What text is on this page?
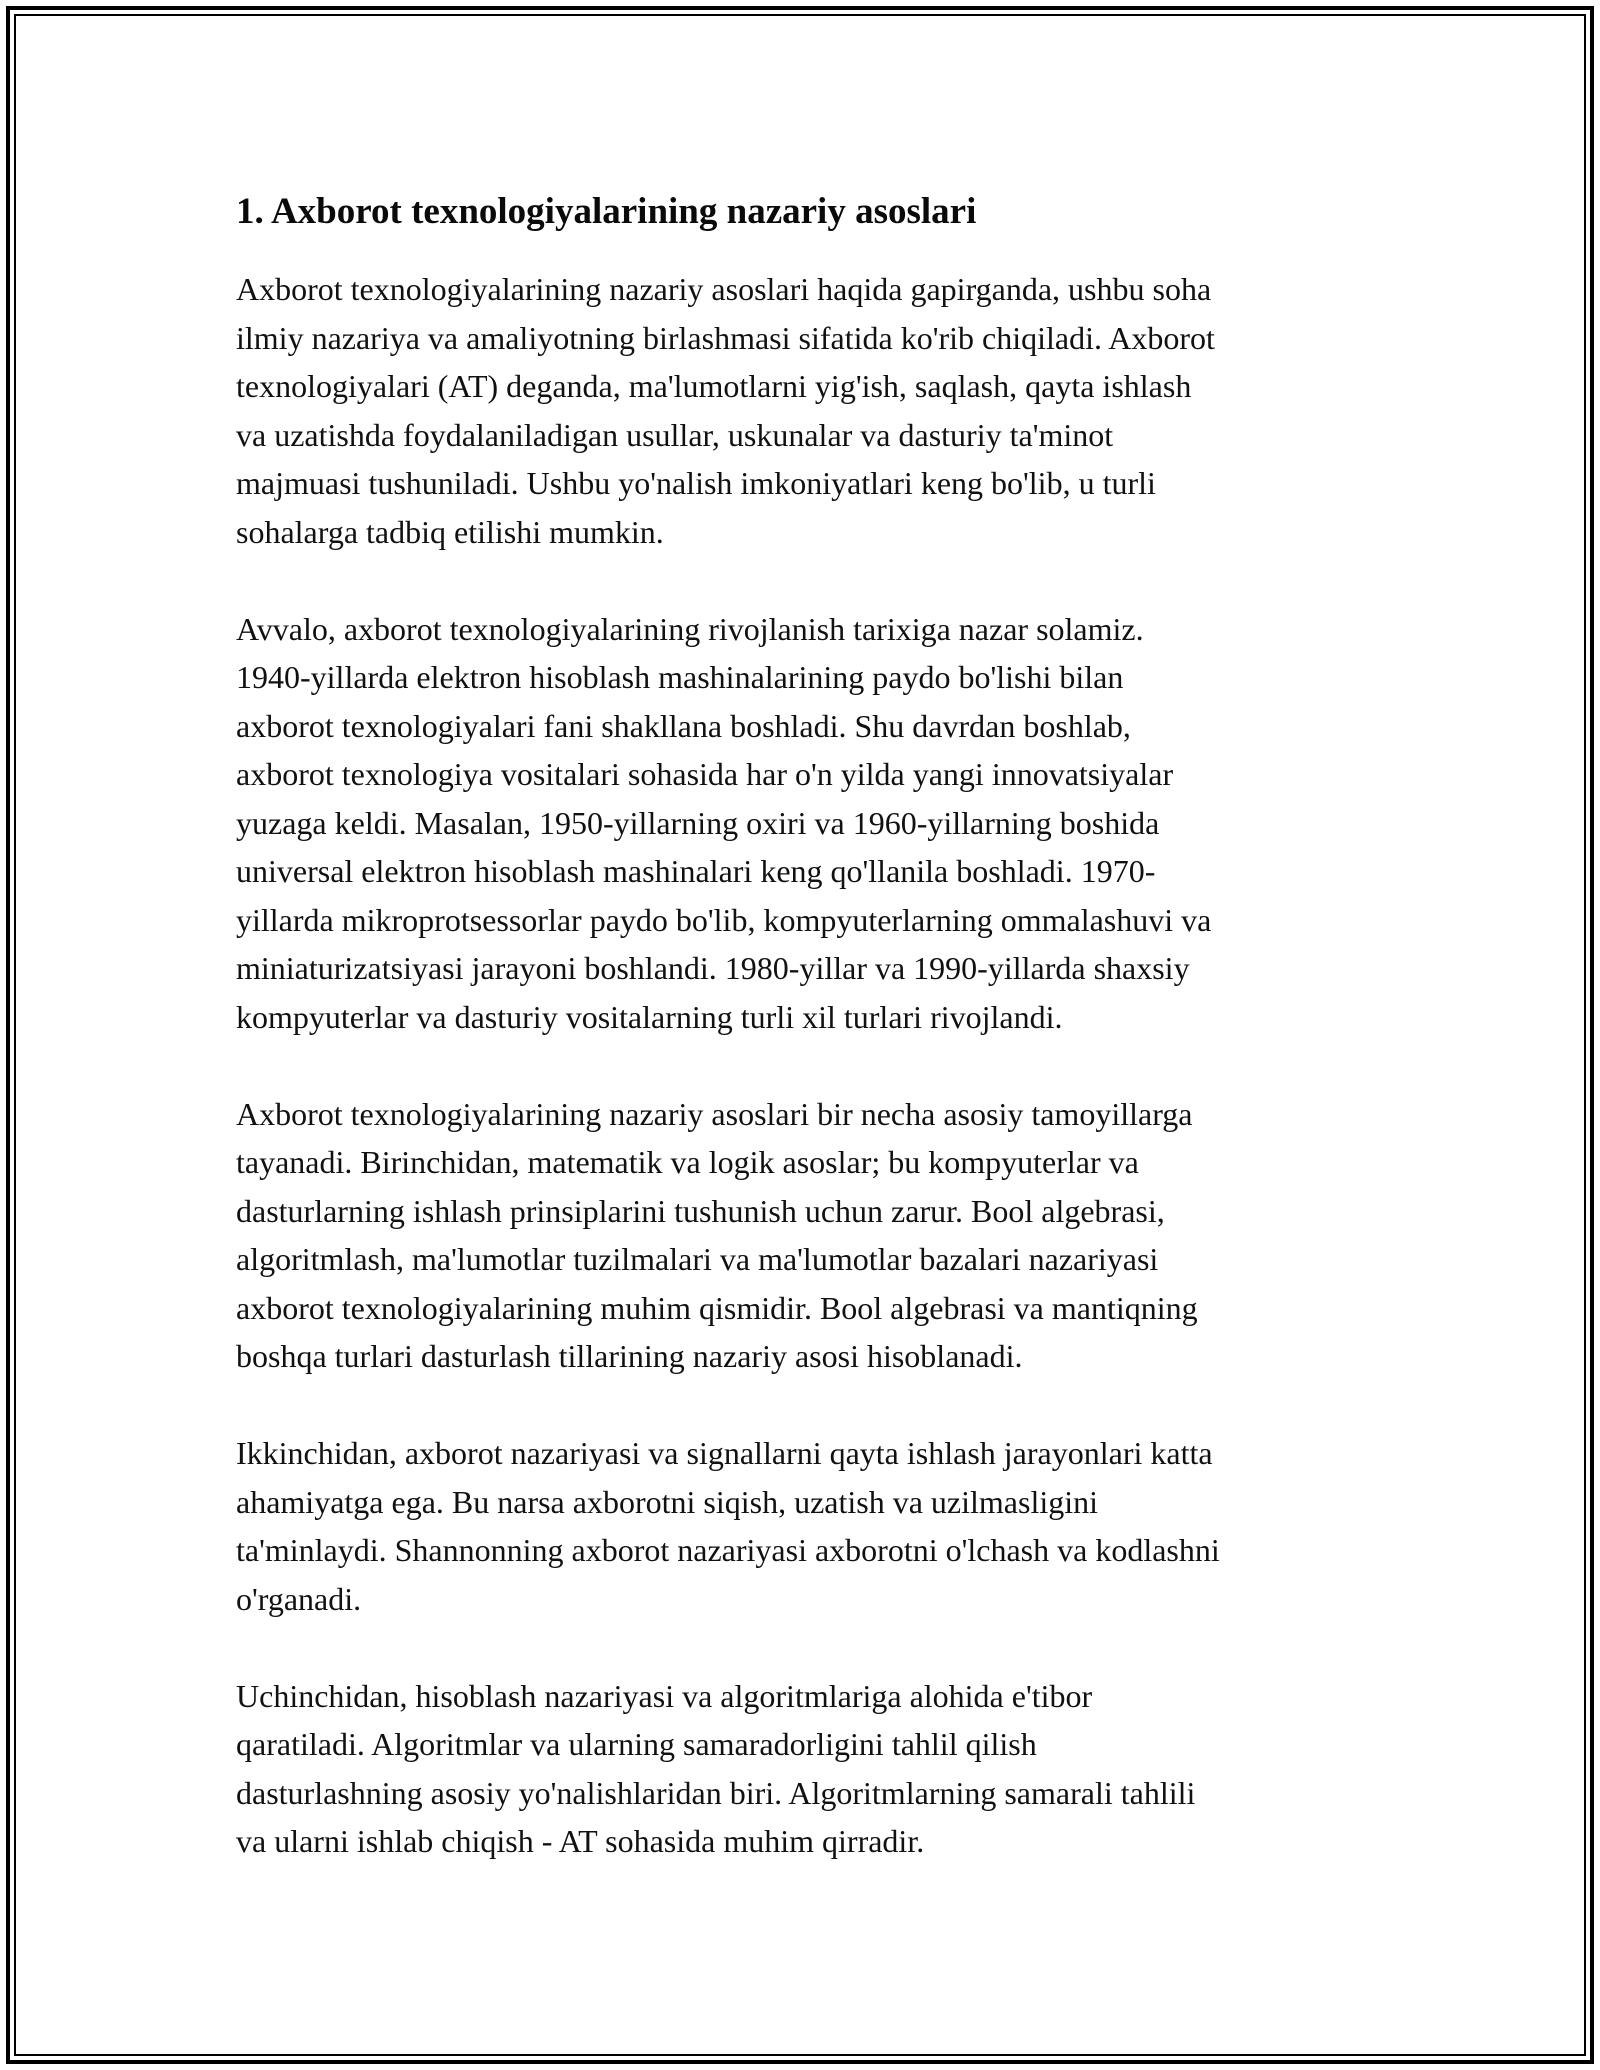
1. Axborot texnologiyalarining nazariy asoslari

Axborot texnologiyalarining nazariy asoslari haqida gapirganda, ushbu soha
ilmiy nazariya va amaliyotning birlashmasi sifatida ko'rib chiqiladi. Axborot
texnologiyalari (AT) deganda, ma'lumotlarni yig'ish, saqlash, qayta ishlash
va uzatishda foydalaniladigan usullar, uskunalar va dasturiy ta'minot
majmuasi tushuniladi. Ushbu yo'nalish imkoniyatlari keng bo'lib, u turli
sohalarga tadbiq etilishi mumkin.

Avvalo, axborot texnologiyalarining rivojlanish tarixiga nazar solamiz.
1940-yillarda elektron hisoblash mashinalarining paydo bo'lishi bilan
axborot texnologiyalari fani shakllana boshladi. Shu davrdan boshlab,
axborot texnologiya vositalari sohasida har o'n yilda yangi innovatsiyalar
yuzaga keldi. Masalan, 1950-yillarning oxiri va 1960-yillarning boshida
universal elektron hisoblash mashinalari keng qo'llanila boshladi. 1970-
yillarda mikroprotsessorlar paydo bo'lib, kompyuterlarning ommalashuvi va
miniaturizatsiyasi jarayoni boshlandi. 1980-yillar va 1990-yillarda shaxsiy
kompyuterlar va dasturiy vositalarning turli xil turlari rivojlandi.

Axborot texnologiyalarining nazariy asoslari bir necha asosiy tamoyillarga
tayanadi. Birinchidan, matematik va logik asoslar; bu kompyuterlar va
dasturlarning ishlash prinsiplarini tushunish uchun zarur. Bool algebrasi,
algoritmlash, ma'lumotlar tuzilmalari va ma'lumotlar bazalari nazariyasi
axborot texnologiyalarining muhim qismidir. Bool algebrasi va mantiqning
boshqa turlari dasturlash tillarining nazariy asosi hisoblanadi.

Ikkinchidan, axborot nazariyasi va signallarni qayta ishlash jarayonlari katta
ahamiyatga ega. Bu narsa axborotni siqish, uzatish va uzilmasligini
ta'minlaydi. Shannonning axborot nazariyasi axborotni o'lchash va kodlashni
o'rganadi.

Uchinchidan, hisoblash nazariyasi va algoritmlariga alohida e'tibor
qaratiladi. Algoritmlar va ularning samaradorligini tahlil qilish
dasturlashning asosiy yo'nalishlaridan biri. Algoritmlarning samarali tahlili
va ularni ishlab chiqish - AT sohasida muhim qirradir.
